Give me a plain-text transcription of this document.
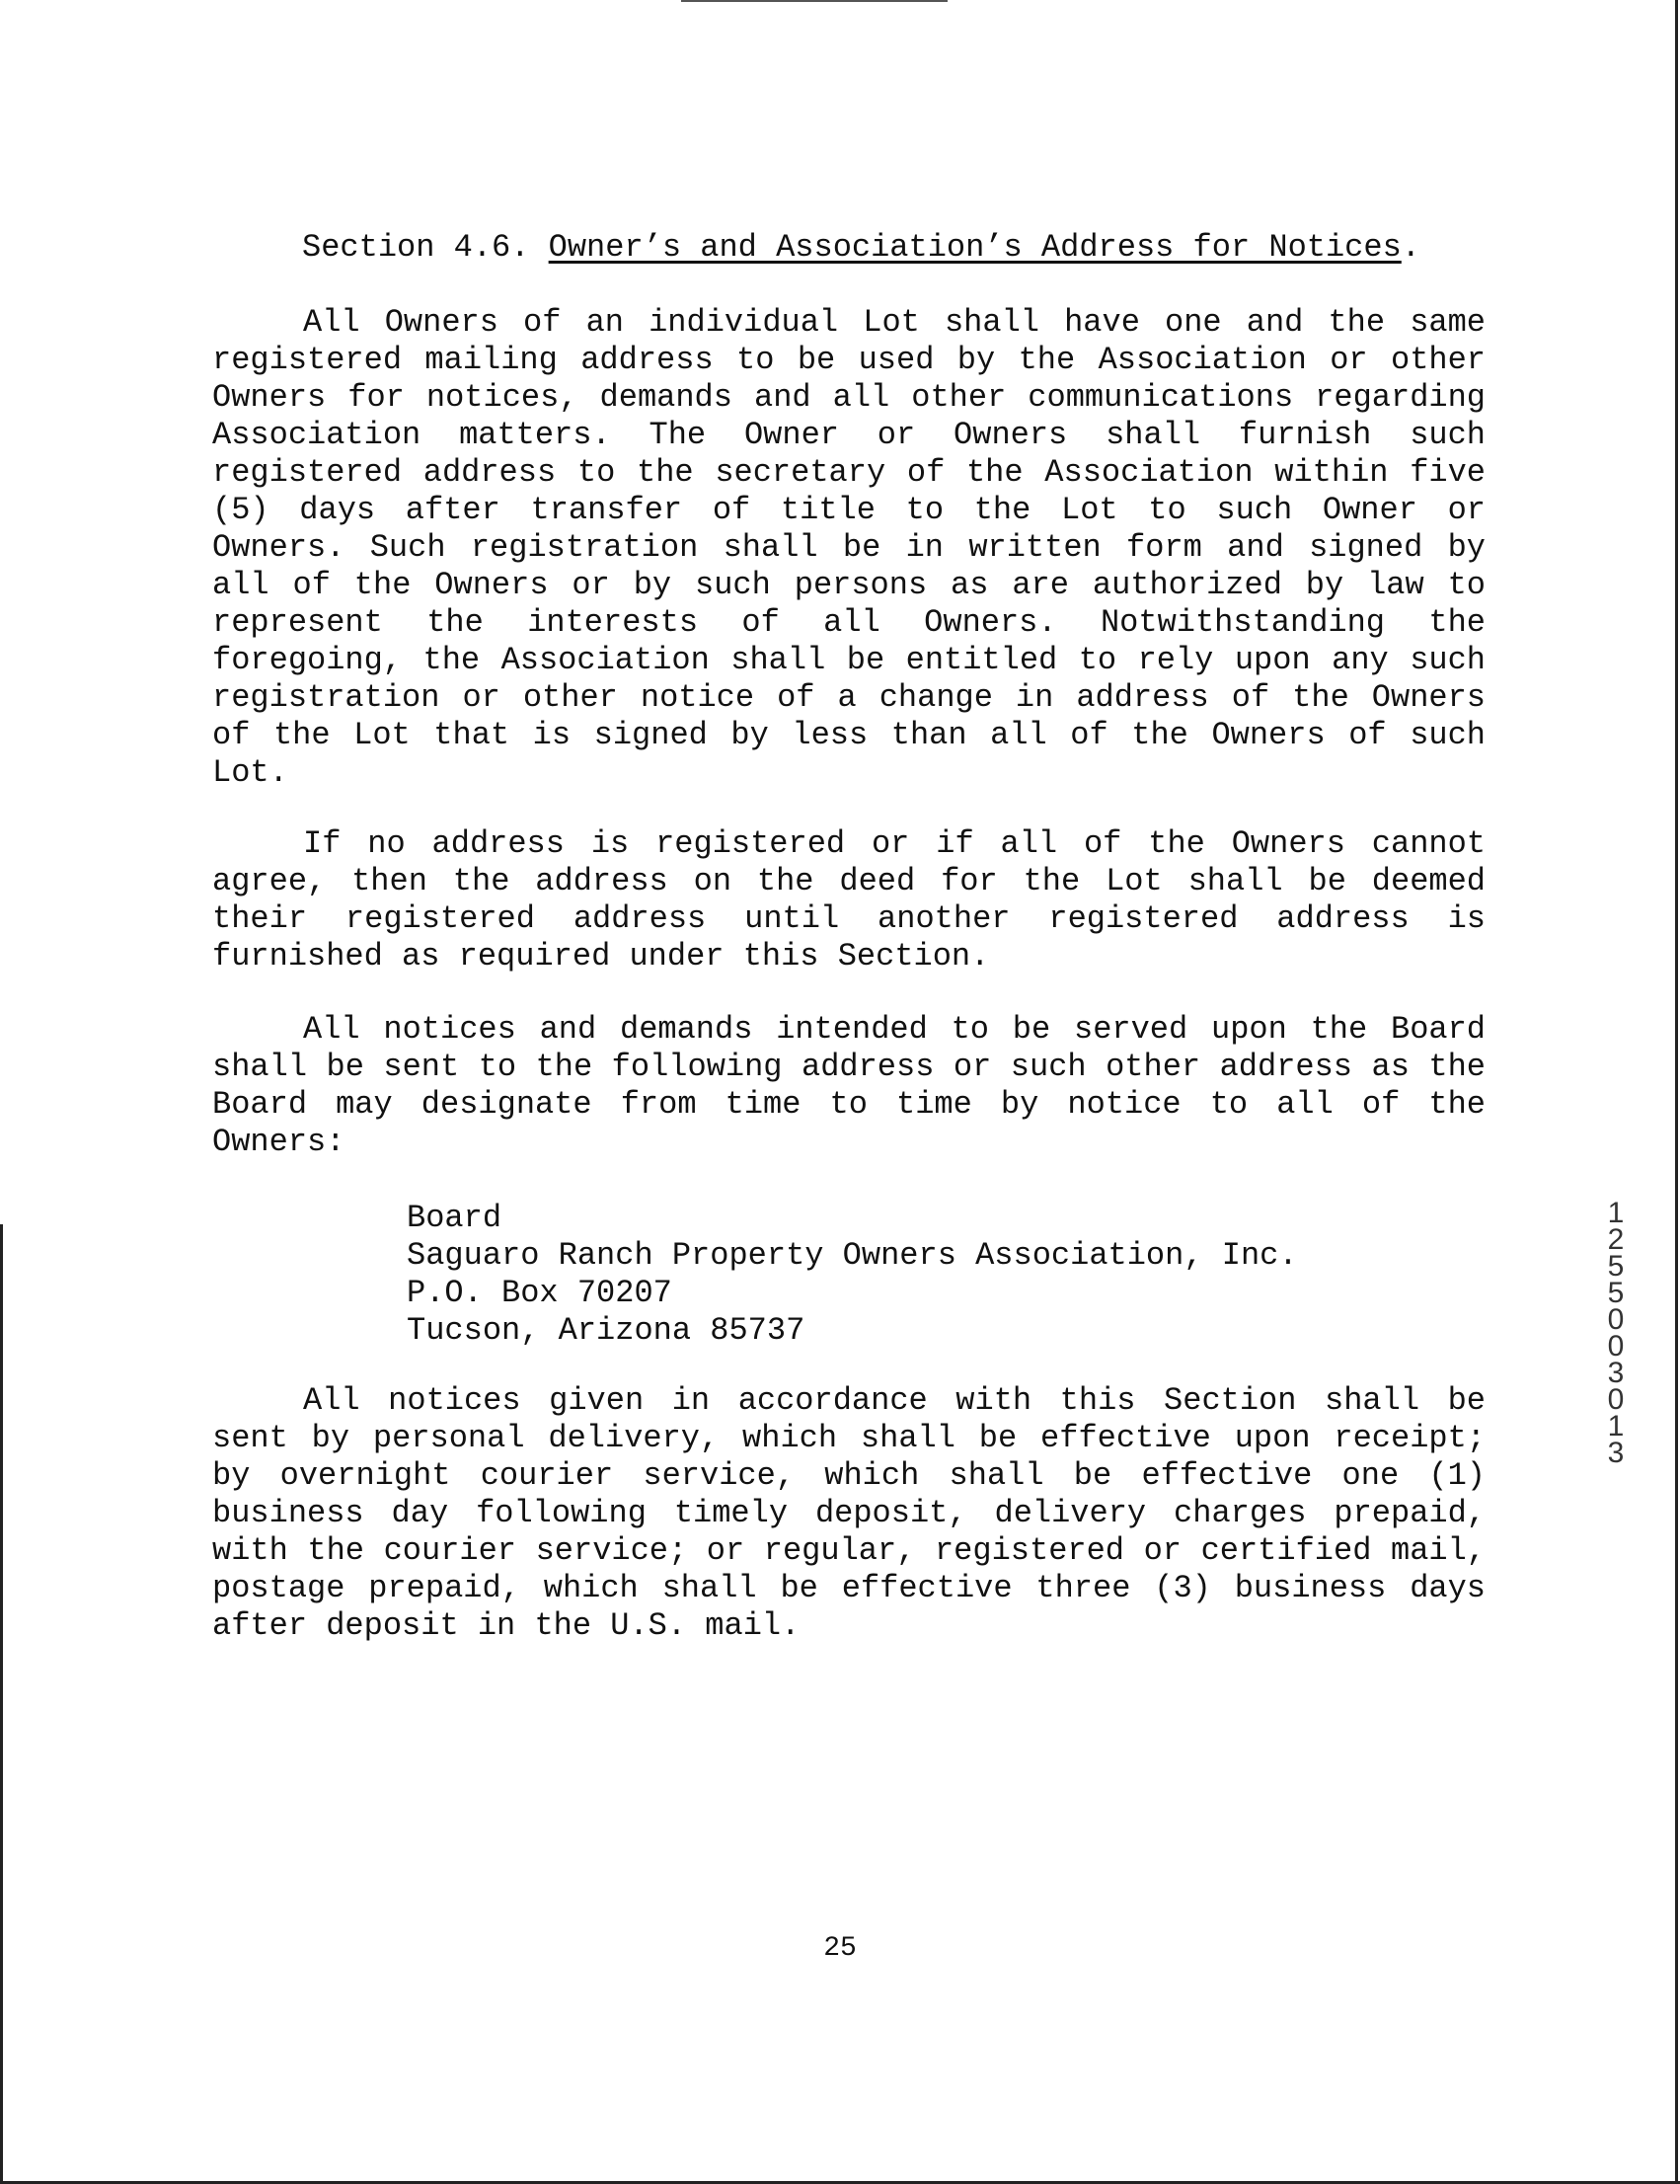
Section 4.6. Owner’s and Association’s Address for Notices.
All Owners of an individual Lot shall have one and the same registered mailing address to be used by the Association or other Owners for notices, demands and all other communications regarding Association matters. The Owner or Owners shall furnish such registered address to the secretary of the Association within five (5) days after transfer of title to the Lot to such Owner or Owners. Such registration shall be in written form and signed by all of the Owners or by such persons as are authorized by law to represent the interests of all Owners. Notwithstanding the foregoing, the Association shall be entitled to rely upon any such registration or other notice of a change in address of the Owners of the Lot that is signed by less than all of the Owners of such Lot.
If no address is registered or if all of the Owners cannot agree, then the address on the deed for the Lot shall be deemed their registered address until another registered address is furnished as required under this Section.
All notices and demands intended to be served upon the Board shall be sent to the following address or such other address as the Board may designate from time to time by notice to all of the Owners:
Board
Saguaro Ranch Property Owners Association, Inc.
P.O. Box 70207
Tucson, Arizona 85737
All notices given in accordance with this Section shall be sent by personal delivery, which shall be effective upon receipt; by overnight courier service, which shall be effective one (1) business day following timely deposit, delivery charges prepaid, with the courier service; or regular, registered or certified mail, postage prepaid, which shall be effective three (3) business days after deposit in the U.S. mail.
25
12550 03013
